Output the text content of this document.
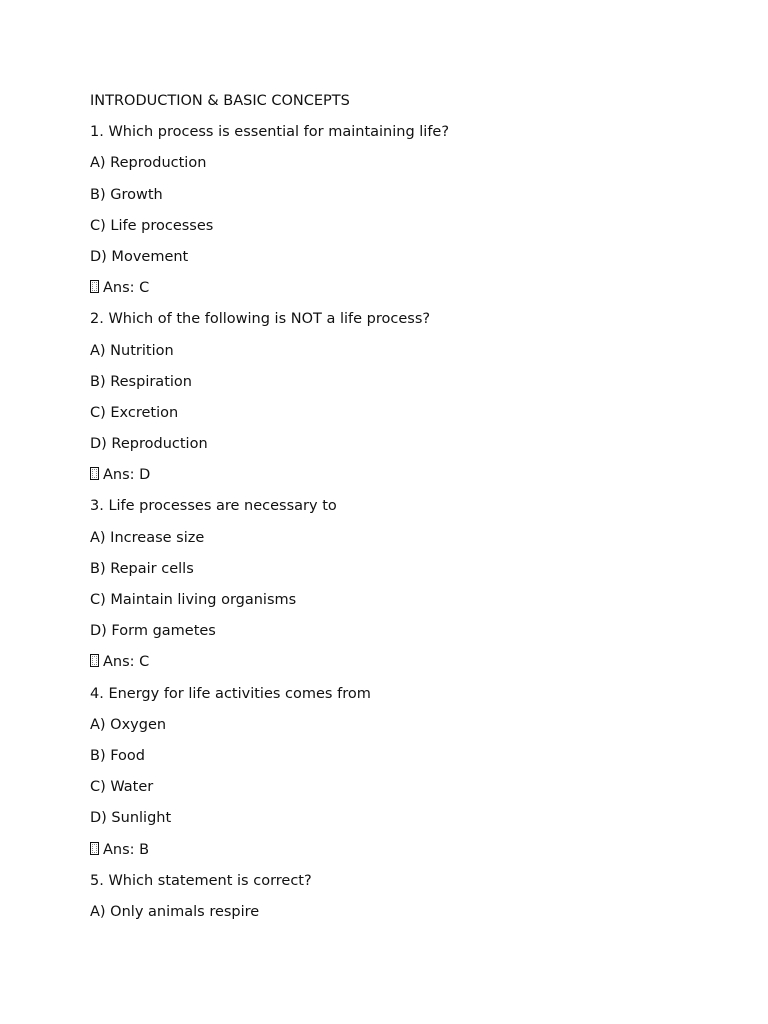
INTRODUCTION & BASIC CONCEPTS
1. Which process is essential for maintaining life?
A) Reproduction
B) Growth
C) Life processes
D) Movement
Ans: C
2. Which of the following is NOT a life process?
A) Nutrition
B) Respiration
C) Excretion
D) Reproduction
Ans: D
3. Life processes are necessary to
A) Increase size
B) Repair cells
C) Maintain living organisms
D) Form gametes
Ans: C
4. Energy for life activities comes from
A) Oxygen
B) Food
C) Water
D) Sunlight
Ans: B
5. Which statement is correct?
A) Only animals respire
